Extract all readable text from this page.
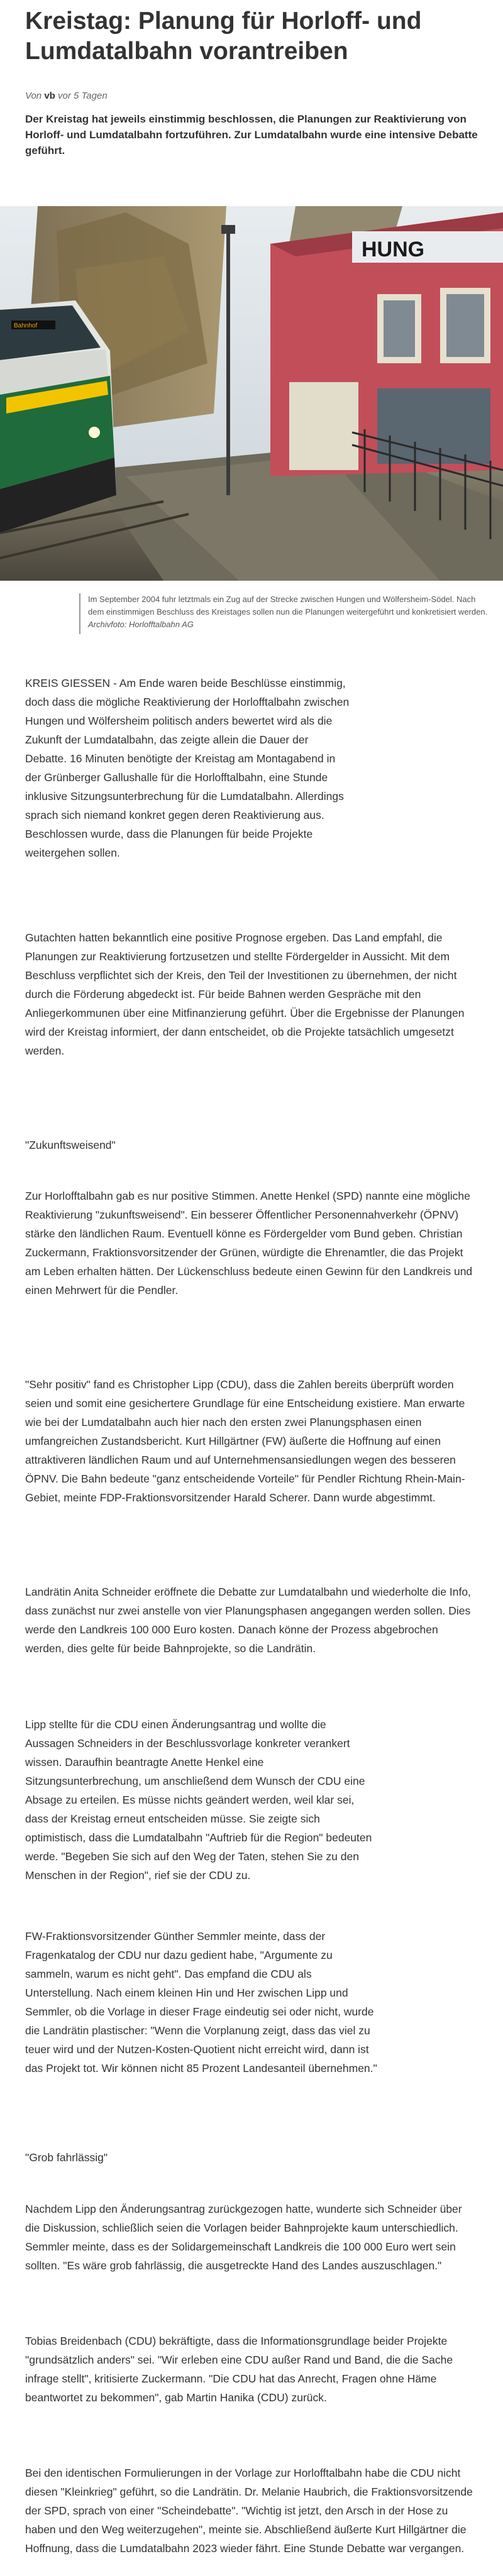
Kreistag: Planung für Horloff- und Lumdatalbahn vorantreiben
Von vb vor 5 Tagen

Der Kreistag hat jeweils einstimmig beschlossen, die Planungen zur Reaktivierung von Horloff- und Lumdatalbahn fortzuführen. Zur Lumdatalbahn wurde eine intensive Debatte geführt.

Bahnhof
HUNG
Im September 2004 fuhr letztmals ein Zug auf der Strecke zwischen Hungen und Wölfersheim-Södel. Nach dem einstimmigen Beschluss des Kreistages sollen nun die Planungen weitergeführt und konkretisiert werden. Archivfoto: Horlofftalbahn AG

KREIS GIESSEN - Am Ende waren beide Beschlüsse einstimmig, doch dass die mögliche Reaktivierung der Horlofftalbahn zwischen Hungen und Wölfersheim politisch anders bewertet wird als die Zukunft der Lumdatalbahn, das zeigte allein die Dauer der Debatte. 16 Minuten benötigte der Kreistag am Montagabend in der Grünberger Gallushalle für die Horlofftalbahn, eine Stunde inklusive Sitzungsunterbrechung für die Lumdatalbahn. Allerdings sprach sich niemand konkret gegen deren Reaktivierung aus. Beschlossen wurde, dass die Planungen für beide Projekte weitergehen sollen.

Gutachten hatten bekanntlich eine positive Prognose ergeben. Das Land empfahl, die Planungen zur Reaktivierung fortzusetzen und stellte Fördergelder in Aussicht. Mit dem Beschluss verpflichtet sich der Kreis, den Teil der Investitionen zu übernehmen, der nicht durch die Förderung abgedeckt ist. Für beide Bahnen werden Gespräche mit den Anliegerkommunen über eine Mitfinanzierung geführt. Über die Ergebnisse der Planungen wird der Kreistag informiert, der dann entscheidet, ob die Projekte tatsächlich umgesetzt werden.

"Zukunftsweisend"

Zur Horlofftalbahn gab es nur positive Stimmen. Anette Henkel (SPD) nannte eine mögliche Reaktivierung "zukunftsweisend". Ein besserer Öffentlicher Personennahverkehr (ÖPNV) stärke den ländlichen Raum. Eventuell könne es Fördergelder vom Bund geben. Christian Zuckermann, Fraktionsvorsitzender der Grünen, würdigte die Ehrenamtler, die das Projekt am Leben erhalten hätten. Der Lückenschluss bedeute einen Gewinn für den Landkreis und einen Mehrwert für die Pendler.

"Sehr positiv" fand es Christopher Lipp (CDU), dass die Zahlen bereits überprüft worden seien und somit eine gesichertere Grundlage für eine Entscheidung existiere. Man erwarte wie bei der Lumdatalbahn auch hier nach den ersten zwei Planungsphasen einen umfangreichen Zustandsbericht. Kurt Hillgärtner (FW) äußerte die Hoffnung auf einen attraktiveren ländlichen Raum und auf Unternehmensansiedlungen wegen des besseren ÖPNV. Die Bahn bedeute "ganz entscheidende Vorteile" für Pendler Richtung Rhein-Main-Gebiet, meinte FDP-Fraktionsvorsitzender Harald Scherer. Dann wurde abgestimmt.

Landrätin Anita Schneider eröffnete die Debatte zur Lumdatalbahn und wiederholte die Info, dass zunächst nur zwei anstelle von vier Planungsphasen angegangen werden sollen. Dies werde den Landkreis 100 000 Euro kosten. Danach könne der Prozess abgebrochen werden, dies gelte für beide Bahnprojekte, so die Landrätin.

Lipp stellte für die CDU einen Änderungsantrag und wollte die Aussagen Schneiders in der Beschlussvorlage konkreter verankert wissen. Daraufhin beantragte Anette Henkel eine Sitzungsunterbrechung, um anschließend dem Wunsch der CDU eine Absage zu erteilen. Es müsse nichts geändert werden, weil klar sei, dass der Kreistag erneut entscheiden müsse. Sie zeigte sich optimistisch, dass die Lumdatalbahn "Auftrieb für die Region" bedeuten werde. "Begeben Sie sich auf den Weg der Taten, stehen Sie zu den Menschen in der Region", rief sie der CDU zu.

FW-Fraktionsvorsitzender Günther Semmler meinte, dass der Fragenkatalog der CDU nur dazu gedient habe, "Argumente zu sammeln, warum es nicht geht". Das empfand die CDU als Unterstellung. Nach einem kleinen Hin und Her zwischen Lipp und Semmler, ob die Vorlage in dieser Frage eindeutig sei oder nicht, wurde die Landrätin plastischer: "Wenn die Vorplanung zeigt, dass das viel zu teuer wird und der Nutzen-Kosten-Quotient nicht erreicht wird, dann ist das Projekt tot. Wir können nicht 85 Prozent Landesanteil übernehmen."

"Grob fahrlässig"

Nachdem Lipp den Änderungsantrag zurückgezogen hatte, wunderte sich Schneider über die Diskussion, schließlich seien die Vorlagen beider Bahnprojekte kaum unterschiedlich. Semmler meinte, dass es der Solidargemeinschaft Landkreis die 100 000 Euro wert sein sollten. "Es wäre grob fahrlässig, die ausgetreckte Hand des Landes auszuschlagen."

Tobias Breidenbach (CDU) bekräftigte, dass die Informationsgrundlage beider Projekte "grundsätzlich anders" sei. "Wir erleben eine CDU außer Rand und Band, die die Sache infrage stellt", kritisierte Zuckermann. "Die CDU hat das Anrecht, Fragen ohne Häme beantwortet zu bekommen", gab Martin Hanika (CDU) zurück.

Bei den identischen Formulierungen in der Vorlage zur Horlofftalbahn habe die CDU nicht diesen "Kleinkrieg" geführt, so die Landrätin. Dr. Melanie Haubrich, die Fraktionsvorsitzende der SPD, sprach von einer "Scheindebatte". "Wichtig ist jetzt, den Arsch in der Hose zu haben und den Weg weiterzugehen", meinte sie. Abschließend äußerte Kurt Hillgärtner die Hoffnung, dass die Lumdatalbahn 2023 wieder fährt. Eine Stunde Debatte war vergangen.
